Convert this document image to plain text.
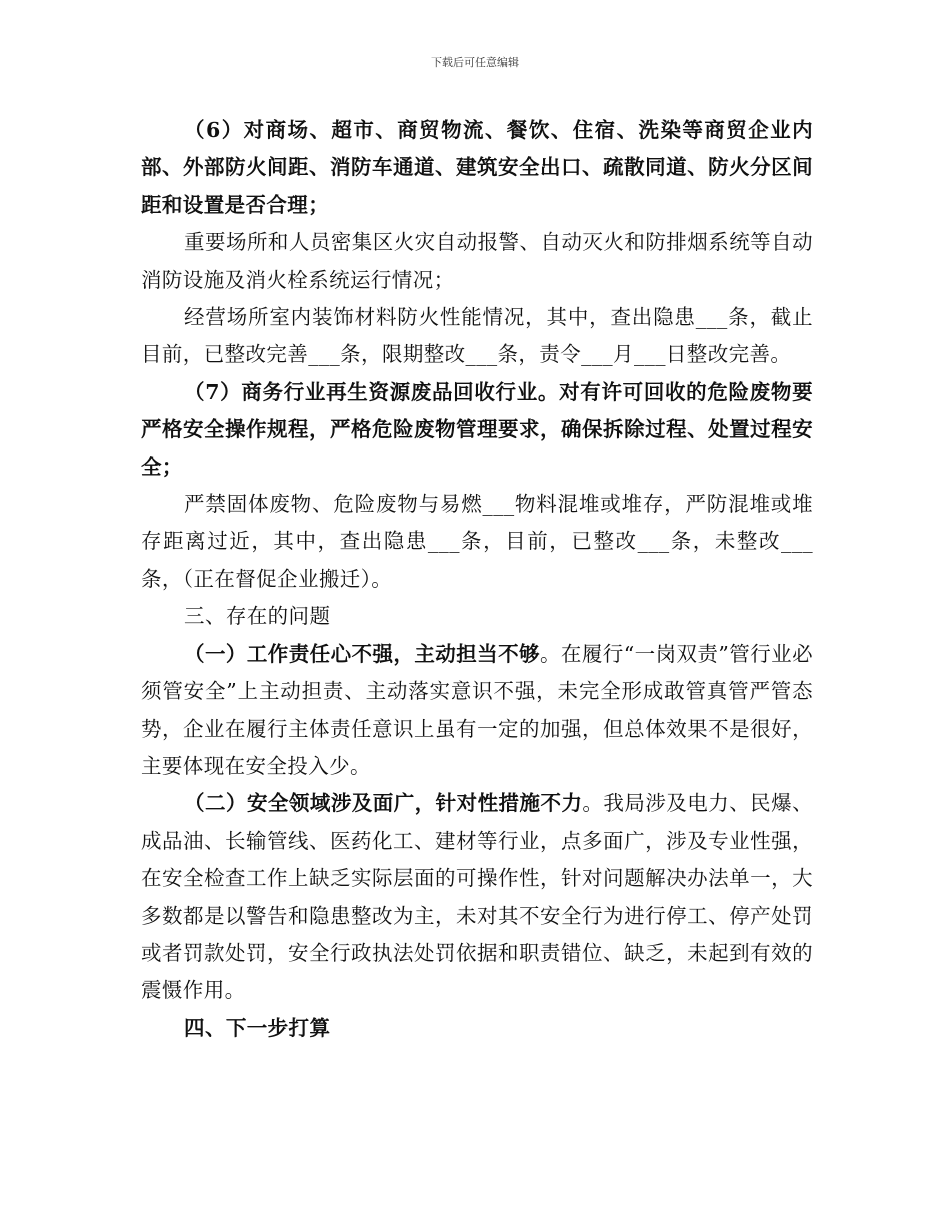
下载后可任意编辑

（6）对商场、超市、商贸物流、餐饮、住宿、洗染等商贸企业内部、外部防火间距、消防车通道、建筑安全出口、疏散同道、防火分区间距和设置是否合理；

重要场所和人员密集区火灾自动报警、自动灭火和防排烟系统等自动消防设施及消火栓系统运行情况；

经营场所室内装饰材料防火性能情况，其中，查出隐患___条，截止目前，已整改完善___条，限期整改___条，责令___月___日整改完善。

（7）商务行业再生资源废品回收行业。对有许可回收的危险废物要严格安全操作规程，严格危险废物管理要求，确保拆除过程、处置过程安全；

严禁固体废物、危险废物与易燃___物料混堆或堆存，严防混堆或堆存距离过近，其中，查出隐患___条，目前，已整改___条，未整改___条，（正在督促企业搬迁）。

三、存在的问题

（一）工作责任心不强，主动担当不够。在履行“一岗双责”管行业必须管安全”上主动担责、主动落实意识不强，未完全形成敢管真管严管态势，企业在履行主体责任意识上虽有一定的加强，但总体效果不是很好，主要体现在安全投入少。

（二）安全领域涉及面广，针对性措施不力。我局涉及电力、民爆、成品油、长输管线、医药化工、建材等行业，点多面广，涉及专业性强，在安全检查工作上缺乏实际层面的可操作性，针对问题解决办法单一，大多数都是以警告和隐患整改为主，未对其不安全行为进行停工、停产处罚或者罚款处罚，安全行政执法处罚依据和职责错位、缺乏，未起到有效的震慑作用。

四、下一步打算
